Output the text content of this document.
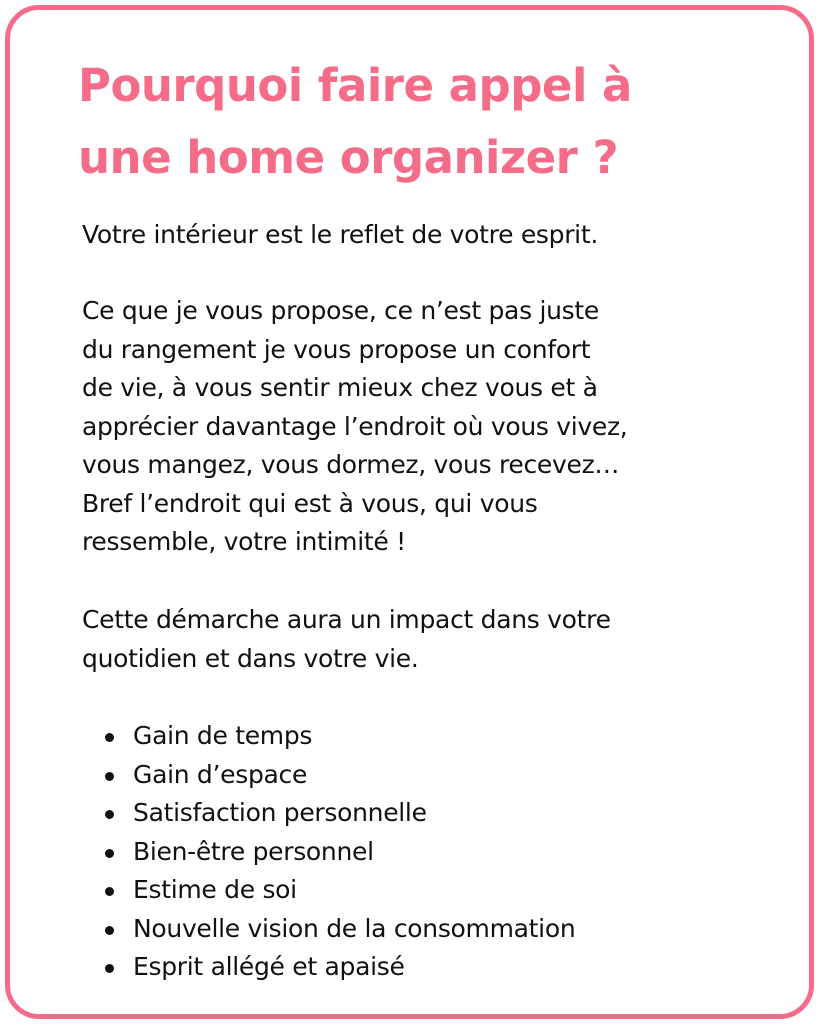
Pourquoi faire appel à
une home organizer ?

Votre intérieur est le reflet de votre esprit.

Ce que je vous propose, ce n’est pas juste
du rangement je vous propose un confort
de vie, à vous sentir mieux chez vous et à
apprécier davantage l’endroit où vous vivez,
vous mangez, vous dormez, vous recevez…
Bref l’endroit qui est à vous, qui vous
ressemble, votre intimité !

Cette démarche aura un impact dans votre
quotidien et dans votre vie.

Gain de temps
Gain d’espace
Satisfaction personnelle
Bien-être personnel
Estime de soi
Nouvelle vision de la consommation
Esprit allégé et apaisé
